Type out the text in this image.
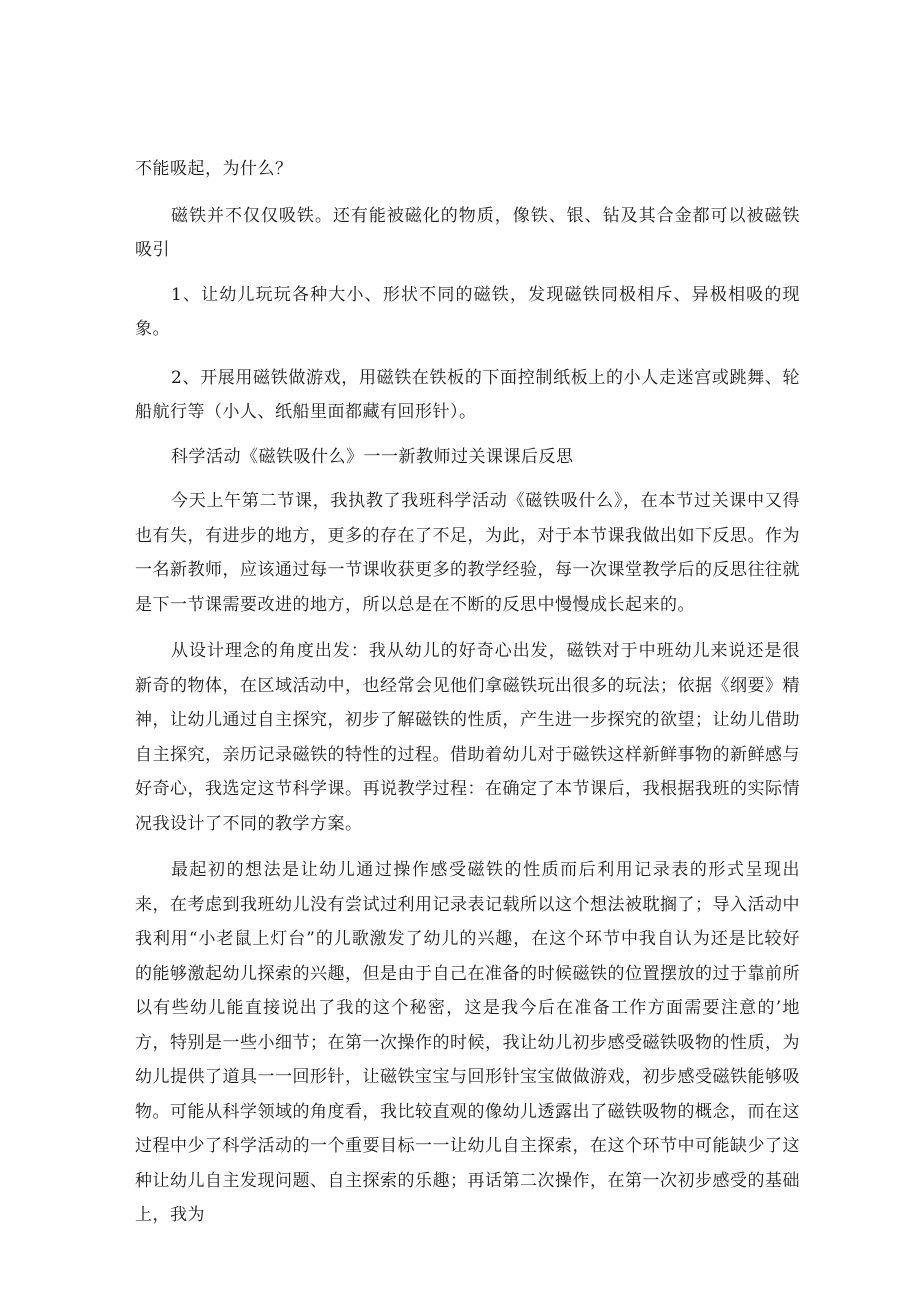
不能吸起，为什么？

磁铁并不仅仅吸铁。还有能被磁化的物质，像铁、银、钻及其合金都可以被磁铁吸引

1、让幼儿玩玩各种大小、形状不同的磁铁，发现磁铁同极相斥、异极相吸的现象。

2、开展用磁铁做游戏，用磁铁在铁板的下面控制纸板上的小人走迷宫或跳舞、轮船航行等（小人、纸船里面都藏有回形针）。

科学活动《磁铁吸什么》一一新教师过关课课后反思

今天上午第二节课，我执教了我班科学活动《磁铁吸什么》，在本节过关课中又得也有失，有进步的地方，更多的存在了不足，为此，对于本节课我做出如下反思。作为一名新教师，应该通过每一节课收获更多的教学经验，每一次课堂教学后的反思往往就是下一节课需要改进的地方，所以总是在不断的反思中慢慢成长起来的。

从设计理念的角度出发：我从幼儿的好奇心出发，磁铁对于中班幼儿来说还是很新奇的物体，在区域活动中，也经常会见他们拿磁铁玩出很多的玩法；依据《纲要》精神，让幼儿通过自主探究，初步了解磁铁的性质，产生进一步探究的欲望；让幼儿借助自主探究，亲历记录磁铁的特性的过程。借助着幼儿对于磁铁这样新鲜事物的新鲜感与好奇心，我选定这节科学课。再说教学过程：在确定了本节课后，我根据我班的实际情况我设计了不同的教学方案。

最起初的想法是让幼儿通过操作感受磁铁的性质而后利用记录表的形式呈现出来，在考虑到我班幼儿没有尝试过利用记录表记载所以这个想法被耽搁了；导入活动中我利用“小老鼠上灯台”的儿歌激发了幼儿的兴趣，在这个环节中我自认为还是比较好的能够激起幼儿探索的兴趣，但是由于自己在准备的时候磁铁的位置摆放的过于靠前所以有些幼儿能直接说出了我的这个秘密，这是我今后在准备工作方面需要注意的’地方，特别是一些小细节；在第一次操作的时候，我让幼儿初步感受磁铁吸物的性质，为幼儿提供了道具一一回形针，让磁铁宝宝与回形针宝宝做做游戏，初步感受磁铁能够吸物。可能从科学领域的角度看，我比较直观的像幼儿透露出了磁铁吸物的概念，而在这过程中少了科学活动的一个重要目标一一让幼儿自主探索，在这个环节中可能缺少了这种让幼儿自主发现问题、自主探索的乐趣；再话第二次操作，在第一次初步感受的基础上，我为
